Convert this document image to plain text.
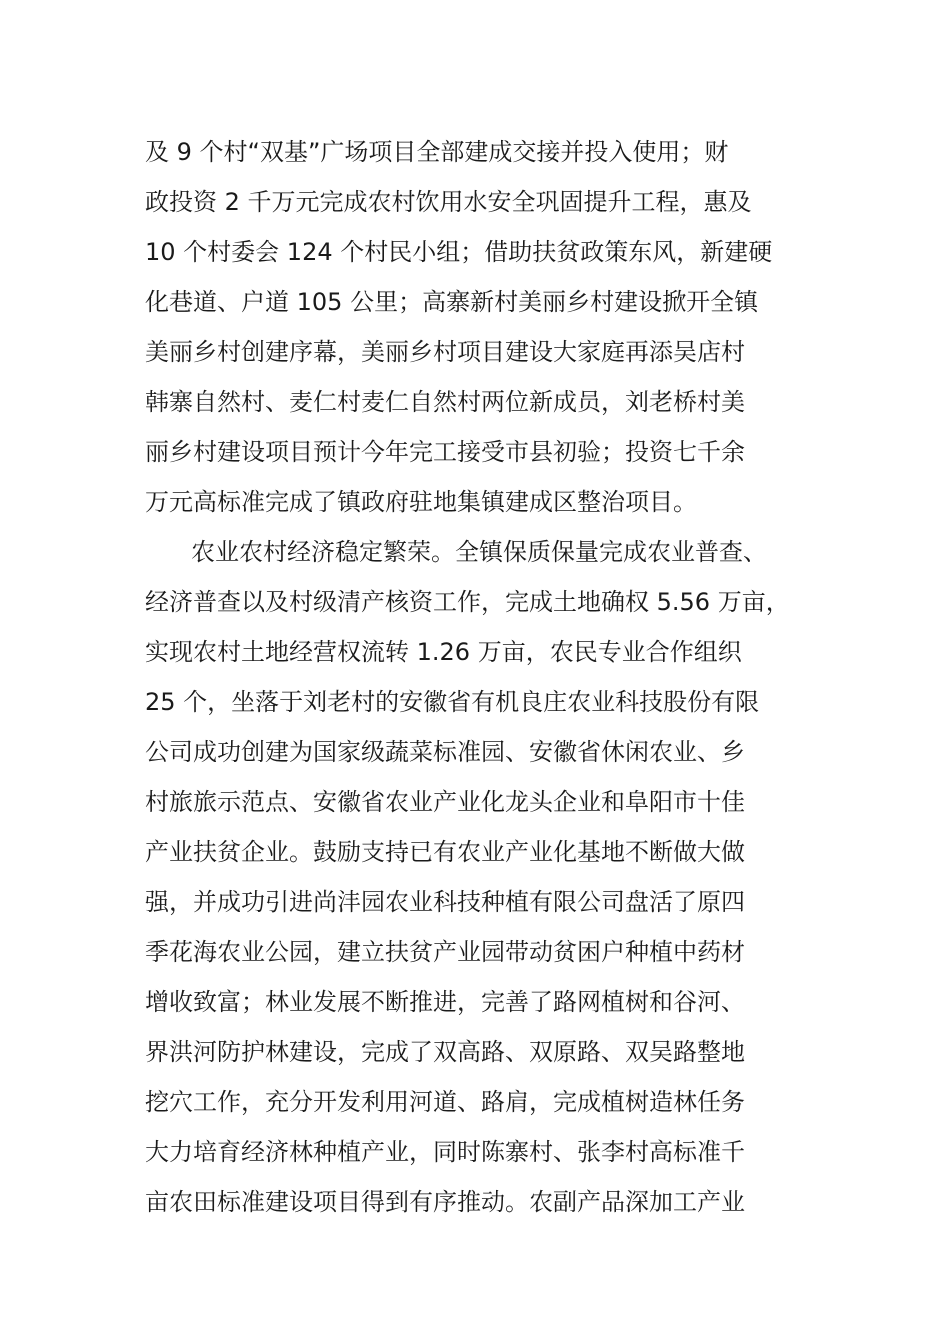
及 9 个村“双基”广场项目全部建成交接并投入使用；财
政投资 2 千万元完成农村饮用水安全巩固提升工程，惠及
10 个村委会 124 个村民小组；借助扶贫政策东风，新建硬
化巷道、户道 105 公里；高寨新村美丽乡村建设掀开全镇
美丽乡村创建序幕，美丽乡村项目建设大家庭再添吴店村
韩寨自然村、麦仁村麦仁自然村两位新成员，刘老桥村美
丽乡村建设项目预计今年完工接受市县初验；投资七千余
万元高标准完成了镇政府驻地集镇建成区整治项目。
农业农村经济稳定繁荣。全镇保质保量完成农业普查、
经济普查以及村级清产核资工作，完成土地确权 5.56 万亩，
实现农村土地经营权流转 1.26 万亩，农民专业合作组织
25 个，坐落于刘老村的安徽省有机良庄农业科技股份有限
公司成功创建为国家级蔬菜标准园、安徽省休闲农业、乡
村旅旅示范点、安徽省农业产业化龙头企业和阜阳市十佳
产业扶贫企业。鼓励支持已有农业产业化基地不断做大做
强，并成功引进尚沣园农业科技种植有限公司盘活了原四
季花海农业公园，建立扶贫产业园带动贫困户种植中药材
增收致富；林业发展不断推进，完善了路网植树和谷河、
界洪河防护林建设，完成了双高路、双原路、双吴路整地
挖穴工作，充分开发利用河道、路肩，完成植树造林任务
大力培育经济林种植产业，同时陈寨村、张李村高标准千
亩农田标准建设项目得到有序推动。农副产品深加工产业
